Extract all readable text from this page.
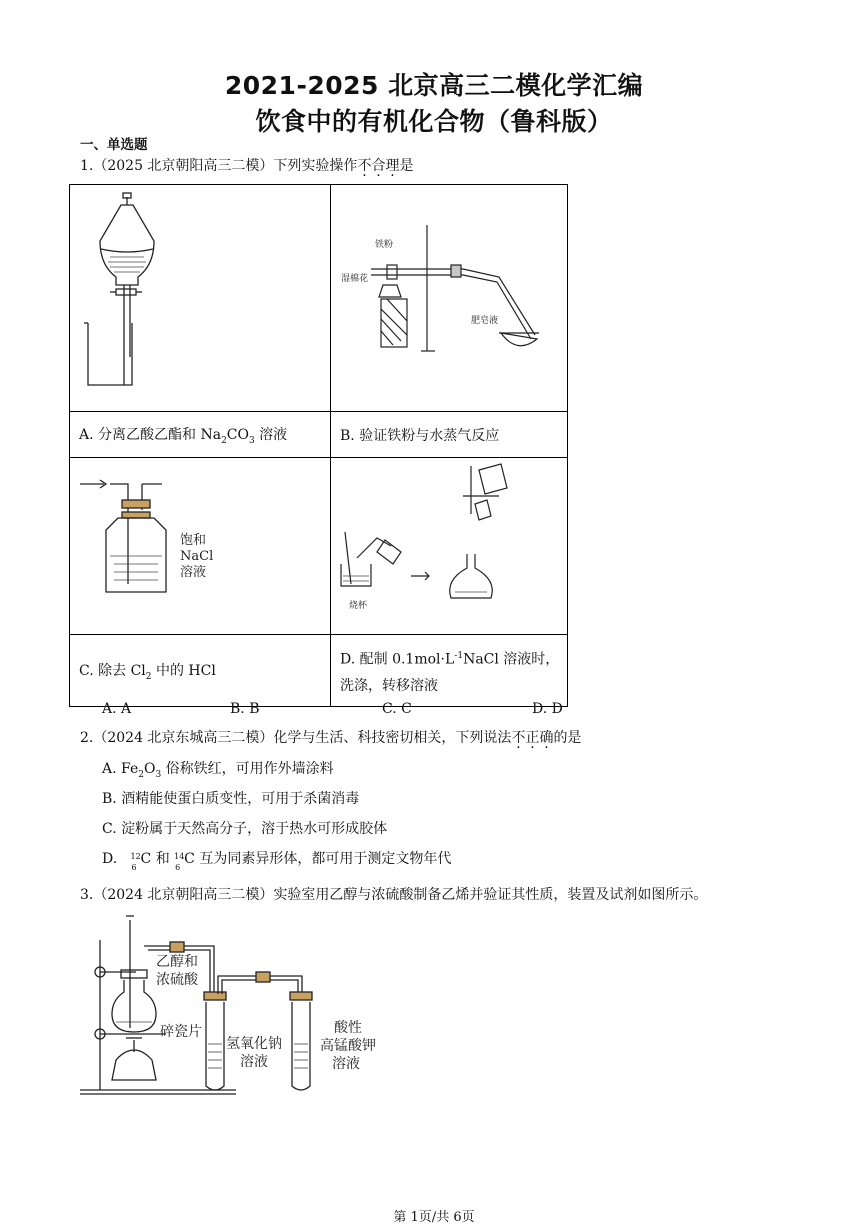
2021-2025 北京高三二模化学汇编
饮食中的有机化合物（鲁科版）
一、单选题
1.（2025 北京朝阳高三二模）下列实验操作不合理是

铁粉
湿棉花
肥皂液

A. 分离乙酸乙酯和 $Na_2CO_3$ 溶液	B. 验证铁粉与水蒸气反应

饱和
NaCl
溶液	烧杯

C. 除去 $Cl_2$ 中的 HCl	D. 配制 $0.1mol\cdot L^{-1}NaCl$ 溶液时，
洗涤，转移溶液
A. A	B. B	C. C	D. D
2.（2024 北京东城高三二模）化学与生活、科技密切相关，下列说法不正确的是
A. $Fe_2O_3$ 俗称铁红，可用作外墙涂料
B. 酒精能使蛋白质变性，可用于杀菌消毒
C. 淀粉属于天然高分子，溶于热水可形成胶体
D. 12
6
C 和 14
6
C 互为同素异形体，都可用于测定文物年代
3.（2024 北京朝阳高三二模）实验室用乙醇与浓硫酸制备乙烯并验证其性质，装置及试剂如图所示。
乙醇和
浓硫酸
碎瓷片
氢氧化钠
溶液
酸性
高锰酸钾
溶液
第 1页/共 6页
